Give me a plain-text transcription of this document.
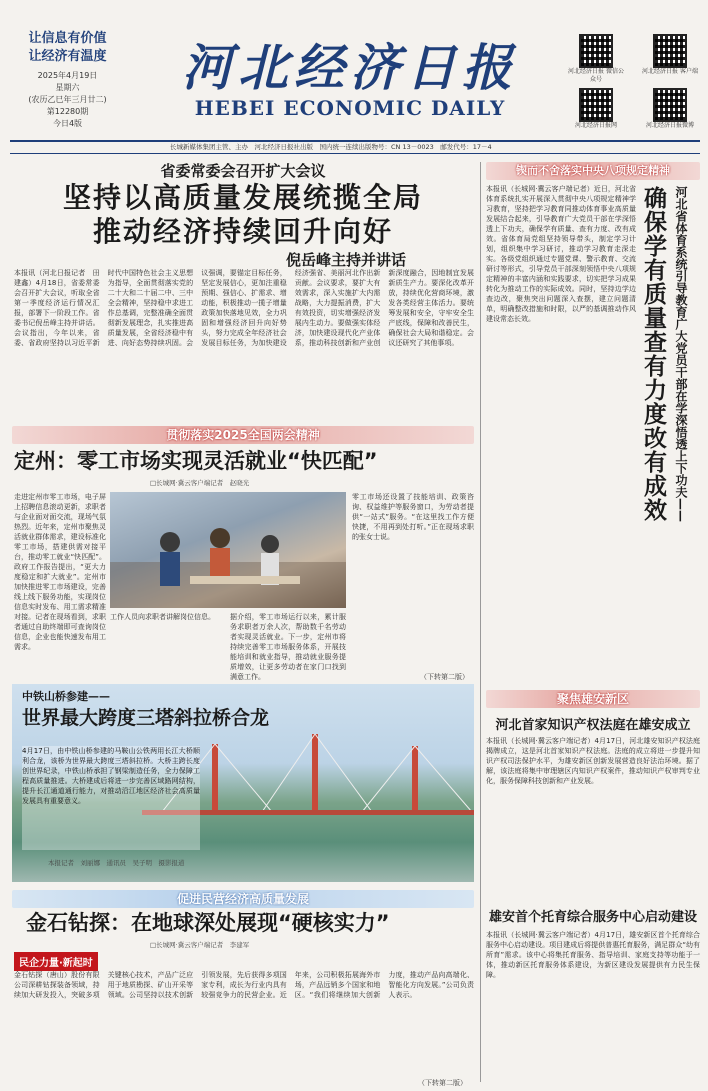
让信息有价值
让经济有温度
2025年4月19日
星期六
(农历乙巳年三月廿二)
第12280期
今日4版
河北经济日报
HEBEI ECONOMIC DAILY
河北经济日报 微信公众号
河北经济日报 客户端
河北经济日报网	河北经济日报微博
长城新媒体集团主管、主办　河北经济日报社出版　国内统一连续出版物号：CN 13－0023　邮发代号：17－4
省委常委会召开扩大会议
坚持以高质量发展统揽全局
推动经济持续回升向好
倪岳峰主持并讲话
本报讯（河北日报记者　田建鑫）4月18日，省委常委会召开扩大会议，听取全省第一季度经济运行情况汇报，部署下一阶段工作。省委书记倪岳峰主持并讲话。会议指出，今年以来，省委、省政府坚持以习近平新时代中国特色社会主义思想为指导，全面贯彻落实党的二十大和二十届二中、三中全会精神，坚持稳中求进工作总基调，完整准确全面贯彻新发展理念，扎实推进高质量发展，全省经济稳中有进、向好态势持续巩固。会议强调，要锚定目标任务，坚定发展信心，更加注重稳预期、强信心、扩需求、增动能，积极推动一揽子增量政策加快落地见效，全力巩固和增强经济回升向好势头，努力完成全年经济社会发展目标任务，为加快建设经济强省、美丽河北作出新贡献。会议要求，要扩大有效需求，深入实施扩大内需战略，大力提振消费，扩大有效投资，切实增强经济发展内生动力。要做强实体经济，加快建设现代化产业体系，推动科技创新和产业创新深度融合，因地制宜发展新质生产力。要深化改革开放，持续优化营商环境，激发各类经营主体活力。要统筹发展和安全，守牢安全生产底线，保障和改善民生，确保社会大局和谐稳定。会议还研究了其他事项。
贯彻落实2025全国两会精神
定州：零工市场实现灵活就业“快匹配”
□长城网·冀云客户端记者　赵晓光
走进定州市零工市场，电子屏上招聘信息滚动更新，求职者与企业面对面交流，现场气氛热烈。近年来，定州市聚焦灵活就业群体需求，建设标准化零工市场，搭建供需对接平台，推动零工就业“快匹配”。政府工作报告提出，“更大力度稳定和扩大就业”。定州市加快推进零工市场建设，完善线上线下服务功能，实现岗位信息实时发布、用工需求精准对接。记者在现场看到，求职者通过自助终端即可查询岗位信息，企业也能快速发布用工需求。
工作人员向求职者讲解岗位信息。	据介绍，零工市场运行以来，累计服务求职者万余人次，帮助数千名劳动者实现灵活就业。下一步，定州市将持续完善零工市场服务体系，开展技能培训和就业指导，推动就业服务提质增效，让更多劳动者在家门口找到满意工作。
零工市场还设置了技能培训、政策咨询、权益维护等服务窗口，为劳动者提供“一站式”服务。“在这里找工作方便快捷，不用再到处打听。”正在现场求职的张女士说。
（下转第二版）
中铁山桥参建——
世界最大跨度三塔斜拉桥合龙
4月17日，由中铁山桥参建的马鞍山公铁两用长江大桥顺利合龙，该桥为世界最大跨度三塔斜拉桥。大桥主跨长度创世界纪录，中铁山桥承担了钢梁制造任务，全力保障工程高质量推进。大桥建成后将进一步完善区域路网结构，提升长江通道通行能力，对推动沿江地区经济社会高质量发展具有重要意义。
本报记者　刘丽娜　通讯员　吴子明　摄影报道
促进民营经济高质量发展
金石钻探：在地球深处展现“硬核实力”
□长城网·冀云客户端记者　李建军
民企力量·新起时
金石钻探（唐山）股份有限公司深耕钻探装备领域，持续加大研发投入，突破多项关键核心技术，产品广泛应用于地质勘探、矿山开采等领域。公司坚持以技术创新引领发展，先后获得多项国家专利，成长为行业内具有较强竞争力的民营企业。近年来，公司积极拓展海外市场，产品远销多个国家和地区。“我们将继续加大创新力度，推动产品向高端化、智能化方向发展。”公司负责人表示。
（下转第二版）
锲而不舍落实中央八项规定精神
本报讯（长城网·冀云客户端记者）近日，河北省体育系统扎实开展深入贯彻中央八项规定精神学习教育，坚持把学习教育同推动体育事业高质量发展结合起来，引导教育广大党员干部在学深悟透上下功夫，确保学有质量、查有力度、改有成效。省体育局党组坚持领导带头，制定学习计划，组织集中学习研讨，推动学习教育走深走实。各级党组织通过专题党课、警示教育、交流研讨等形式，引导党员干部深刻领悟中央八项规定精神的丰富内涵和实践要求，切实把学习成果转化为推动工作的实际成效。同时，坚持边学边查边改，聚焦突出问题深入查摆，建立问题清单，明确整改措施和时限，以严的基调推动作风建设常态长效。	确保学有质量查有力度改有成效 河北省体育系统引导教育广大党员干部在学深悟透上下功夫——
聚焦雄安新区
河北首家知识产权法庭在雄安成立
本报讯（长城网·冀云客户端记者）4月17日，河北雄安知识产权法庭揭牌成立，这是河北首家知识产权法庭。法庭的成立将进一步提升知识产权司法保护水平，为雄安新区创新发展营造良好法治环境。据了解，该法庭将集中审理辖区内知识产权案件，推动知识产权审判专业化，服务保障科技创新和产业发展。
雄安首个托育综合服务中心启动建设
本报讯（长城网·冀云客户端记者）4月17日，雄安新区首个托育综合服务中心启动建设。项目建成后将提供普惠托育服务，满足群众“幼有所育”需求。该中心将集托育服务、指导培训、家庭支持等功能于一体，推动新区托育服务体系建设，为新区建设发展提供有力民生保障。
